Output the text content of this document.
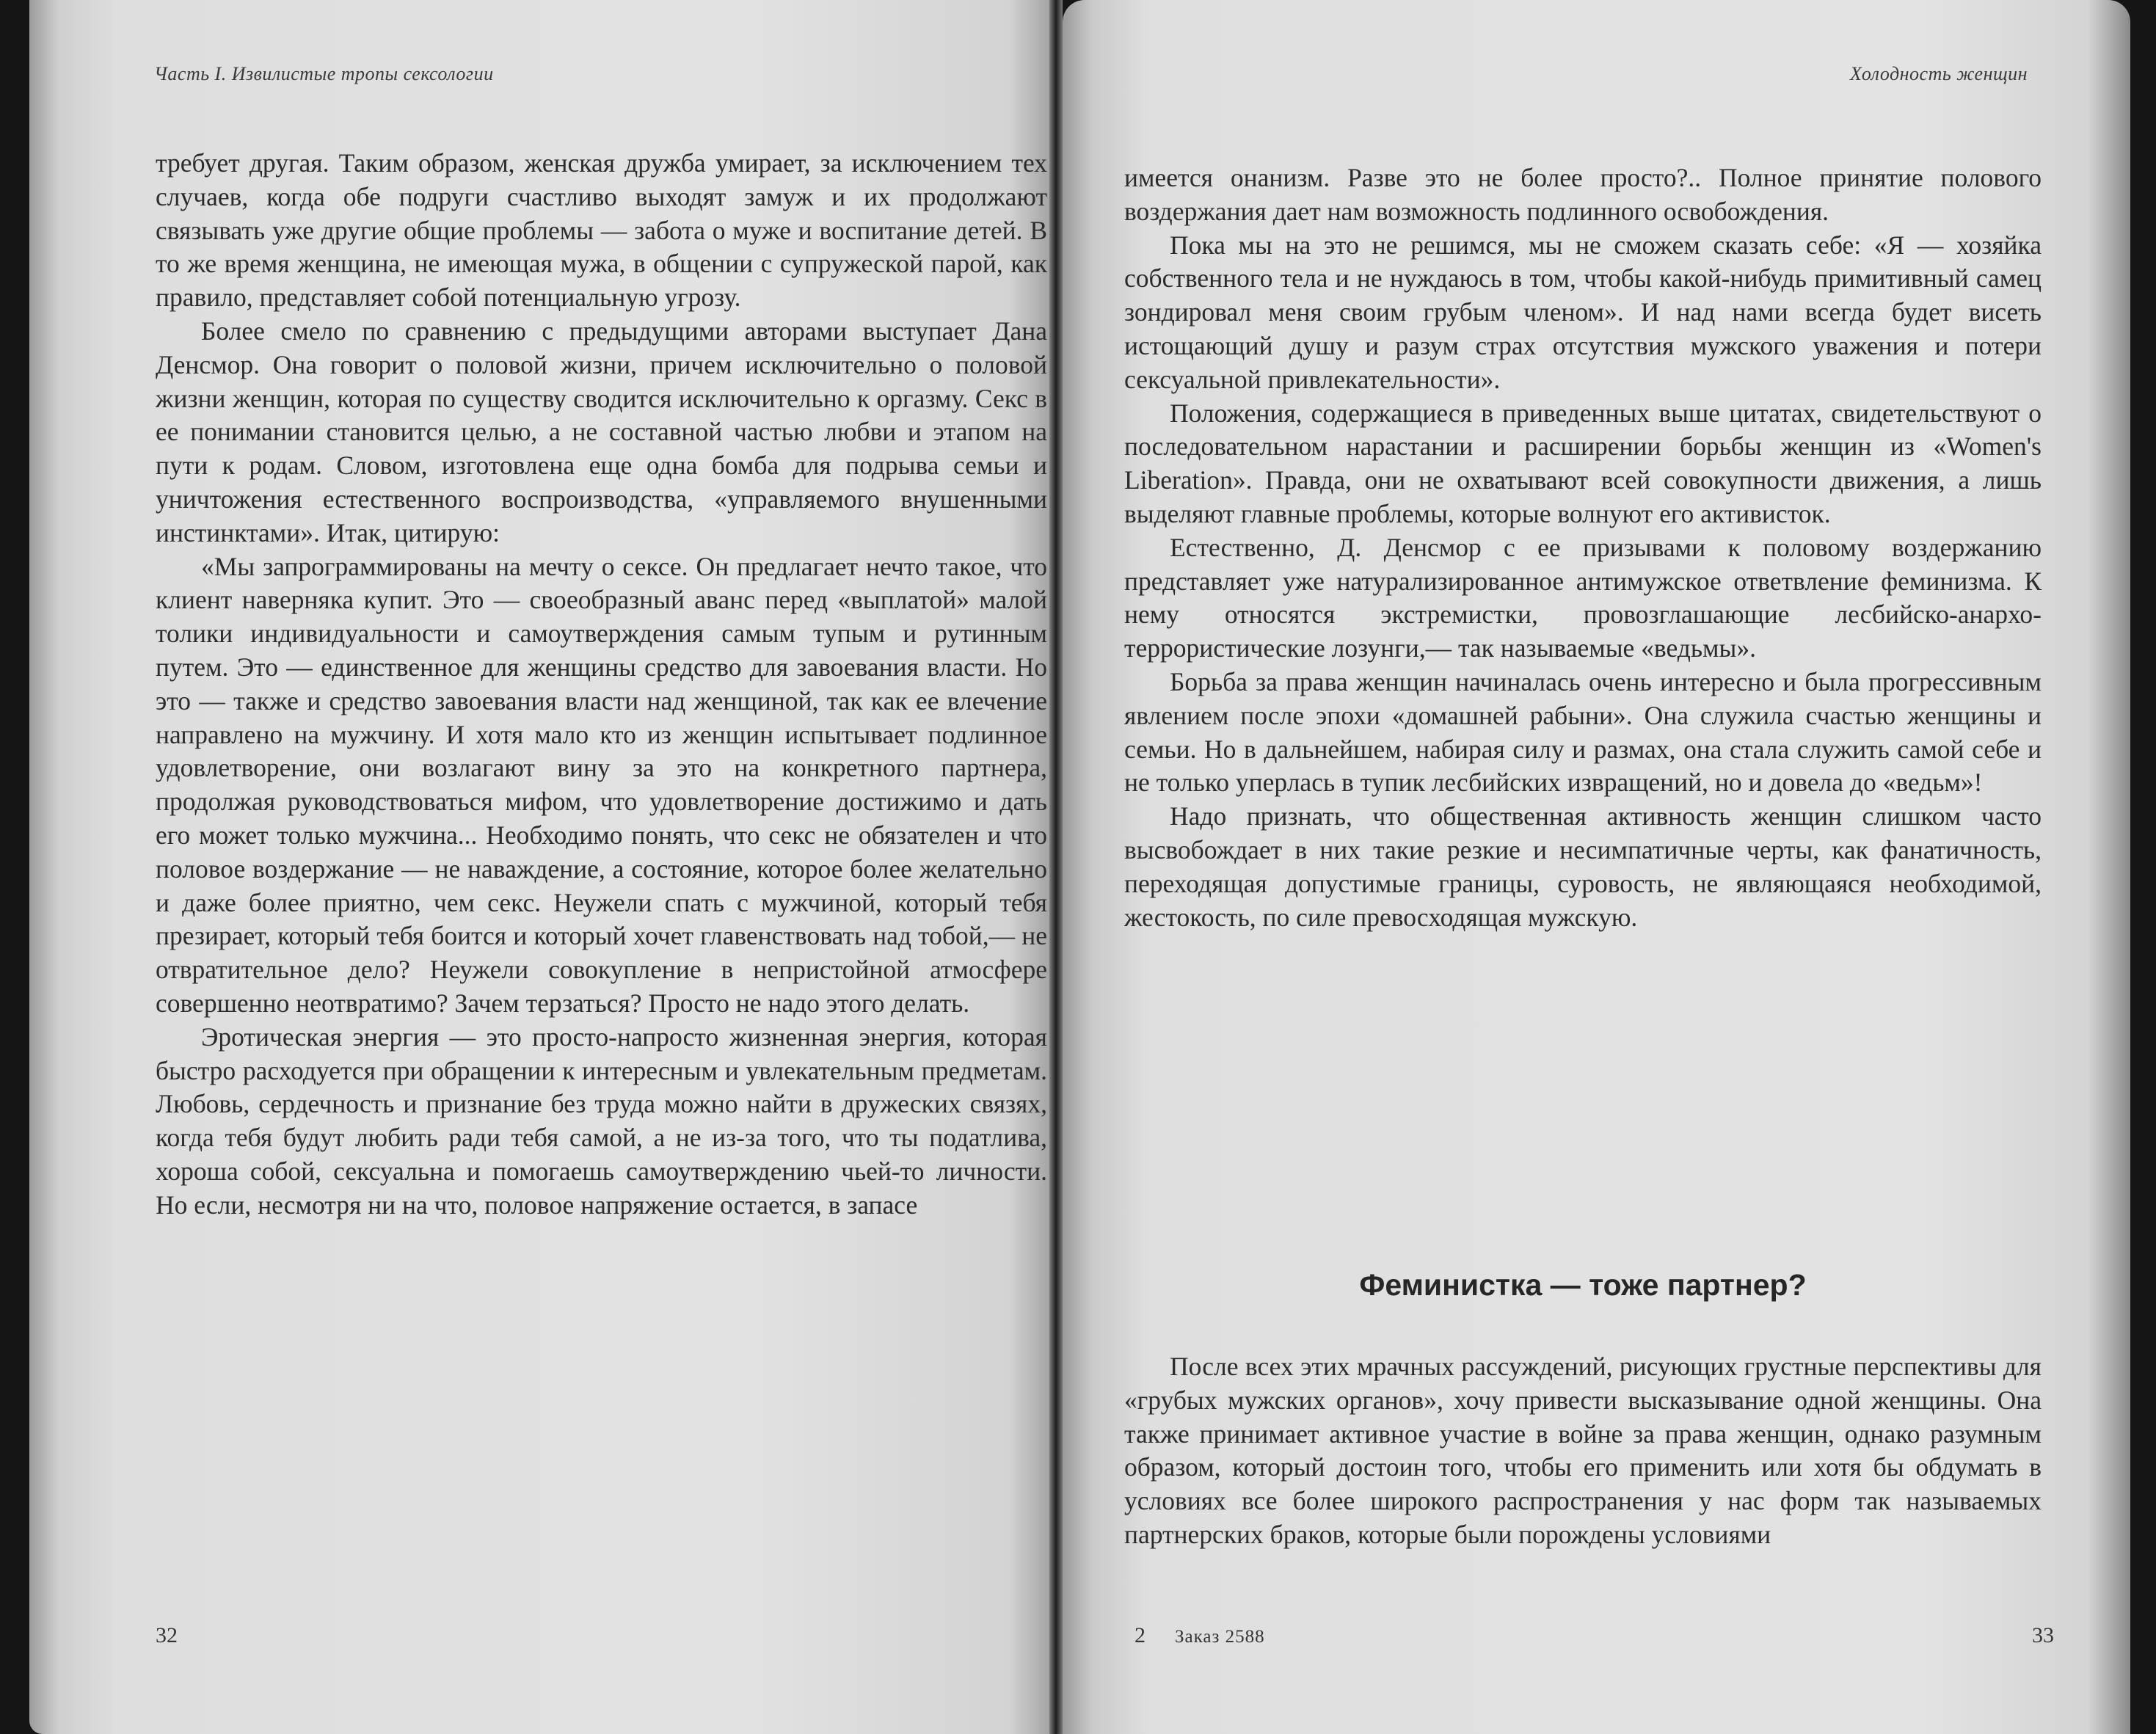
Часть I. Извилистые тропы сексологии

требует другая. Таким образом, женская дружба умирает, за исключением тех случаев, когда обе подруги счастливо выходят замуж и их продолжают связывать уже другие общие проблемы — забота о муже и воспитание детей. В то же время женщина, не имеющая мужа, в общении с супружеской парой, как правило, представляет собой потенциальную угрозу.

Более смело по сравнению с предыдущими авторами выступает Дана Денсмор. Она говорит о половой жизни, причем исключительно о половой жизни женщин, которая по существу сводится исключительно к оргазму. Секс в ее понимании становится целью, а не составной частью любви и этапом на пути к родам. Словом, изготовлена еще одна бомба для подрыва семьи и уничтожения естественного воспроизводства, «управляемого внушенными инстинктами». Итак, цитирую:

«Мы запрограммированы на мечту о сексе. Он предлагает нечто такое, что клиент наверняка купит. Это — своеобразный аванс перед «выплатой» малой толики индивидуальности и самоутверждения самым тупым и рутинным путем. Это — единственное для женщины средство для завоевания власти. Но это — также и средство завоевания власти над женщиной, так как ее влечение направлено на мужчину. И хотя мало кто из женщин испытывает подлинное удовлетворение, они возлагают вину за это на конкретного партнера, продолжая руководствоваться мифом, что удовлетворение достижимо и дать его может только мужчина... Необходимо понять, что секс не обязателен и что половое воздержание — не наваждение, а состояние, которое более желательно и даже более приятно, чем секс. Неужели спать с мужчиной, который тебя презирает, который тебя боится и который хочет главенствовать над тобой,— не отвратительное дело? Неужели совокупление в непристойной атмосфере совершенно неотвратимо? Зачем терзаться? Просто не надо этого делать.

Эротическая энергия — это просто-напросто жизненная энергия, которая быстро расходуется при обращении к интересным и увлекательным предметам. Любовь, сердечность и признание без труда можно найти в дружеских связях, когда тебя будут любить ради тебя самой, а не из-за того, что ты податлива, хороша собой, сексуальна и помогаешь самоутверждению чьей-то личности. Но если, несмотря ни на что, половое напряжение остается, в запасе

32
Холодность женщин

имеется онанизм. Разве это не более просто?.. Полное принятие полового воздержания дает нам возможность подлинного освобождения.

Пока мы на это не решимся, мы не сможем сказать себе: «Я — хозяйка собственного тела и не нуждаюсь в том, чтобы какой-нибудь примитивный самец зондировал меня своим грубым членом». И над нами всегда будет висеть истощающий душу и разум страх отсутствия мужского уважения и потери сексуальной привлекательности».

Положения, содержащиеся в приведенных выше цитатах, свидетельствуют о последовательном нарастании и расширении борьбы женщин из «Women's Liberation». Правда, они не охватывают всей совокупности движения, а лишь выделяют главные проблемы, которые волнуют его активисток.

Естественно, Д. Денсмор с ее призывами к половому воздержанию представляет уже натурализированное антимужское ответвление феминизма. К нему относятся экстремистки, провозглашающие лесбийско-анархо-террористические лозунги,— так называемые «ведьмы».

Борьба за права женщин начиналась очень интересно и была прогрессивным явлением после эпохи «домашней рабыни». Она служила счастью женщины и семьи. Но в дальнейшем, набирая силу и размах, она стала служить самой себе и не только уперлась в тупик лесбийских извращений, но и довела до «ведьм»!

Надо признать, что общественная активность женщин слишком часто высвобождает в них такие резкие и несимпатичные черты, как фанатичность, переходящая допустимые границы, суровость, не являющаяся необходимой, жестокость, по силе превосходящая мужскую.

Феминистка — тоже партнер?

После всех этих мрачных рассуждений, рисующих грустные перспективы для «грубых мужских органов», хочу привести высказывание одной женщины. Она также принимает активное участие в войне за права женщин, однако разумным образом, который достоин того, чтобы его применить или хотя бы обдумать в условиях все более широкого распространения у нас форм так называемых партнерских браков, которые были порождены условиями

2 Заказ 2588	33
